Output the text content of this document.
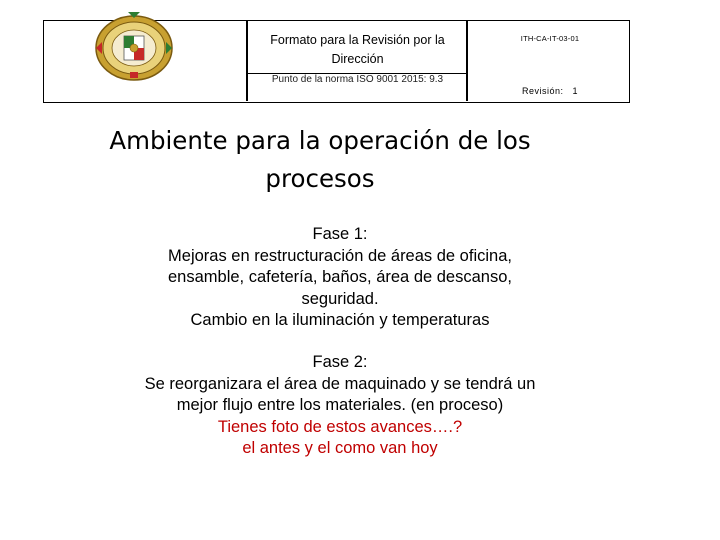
Formato para la Revisión por la Dirección
ITH-CA-IT-03-01
Punto de la norma ISO 9001 2015: 9.3
Revisión: 1
Ambiente para la operación de los procesos
Fase 1:
Mejoras en restructuración de áreas de oficina,
ensamble, cafetería, baños, área de descanso,
seguridad.
Cambio en la iluminación y temperaturas
Fase 2:
Se reorganizara el área de maquinado y se tendrá un
mejor flujo entre los materiales. (en proceso)
Tienes foto de estos avances….?
el antes y el como van hoy
